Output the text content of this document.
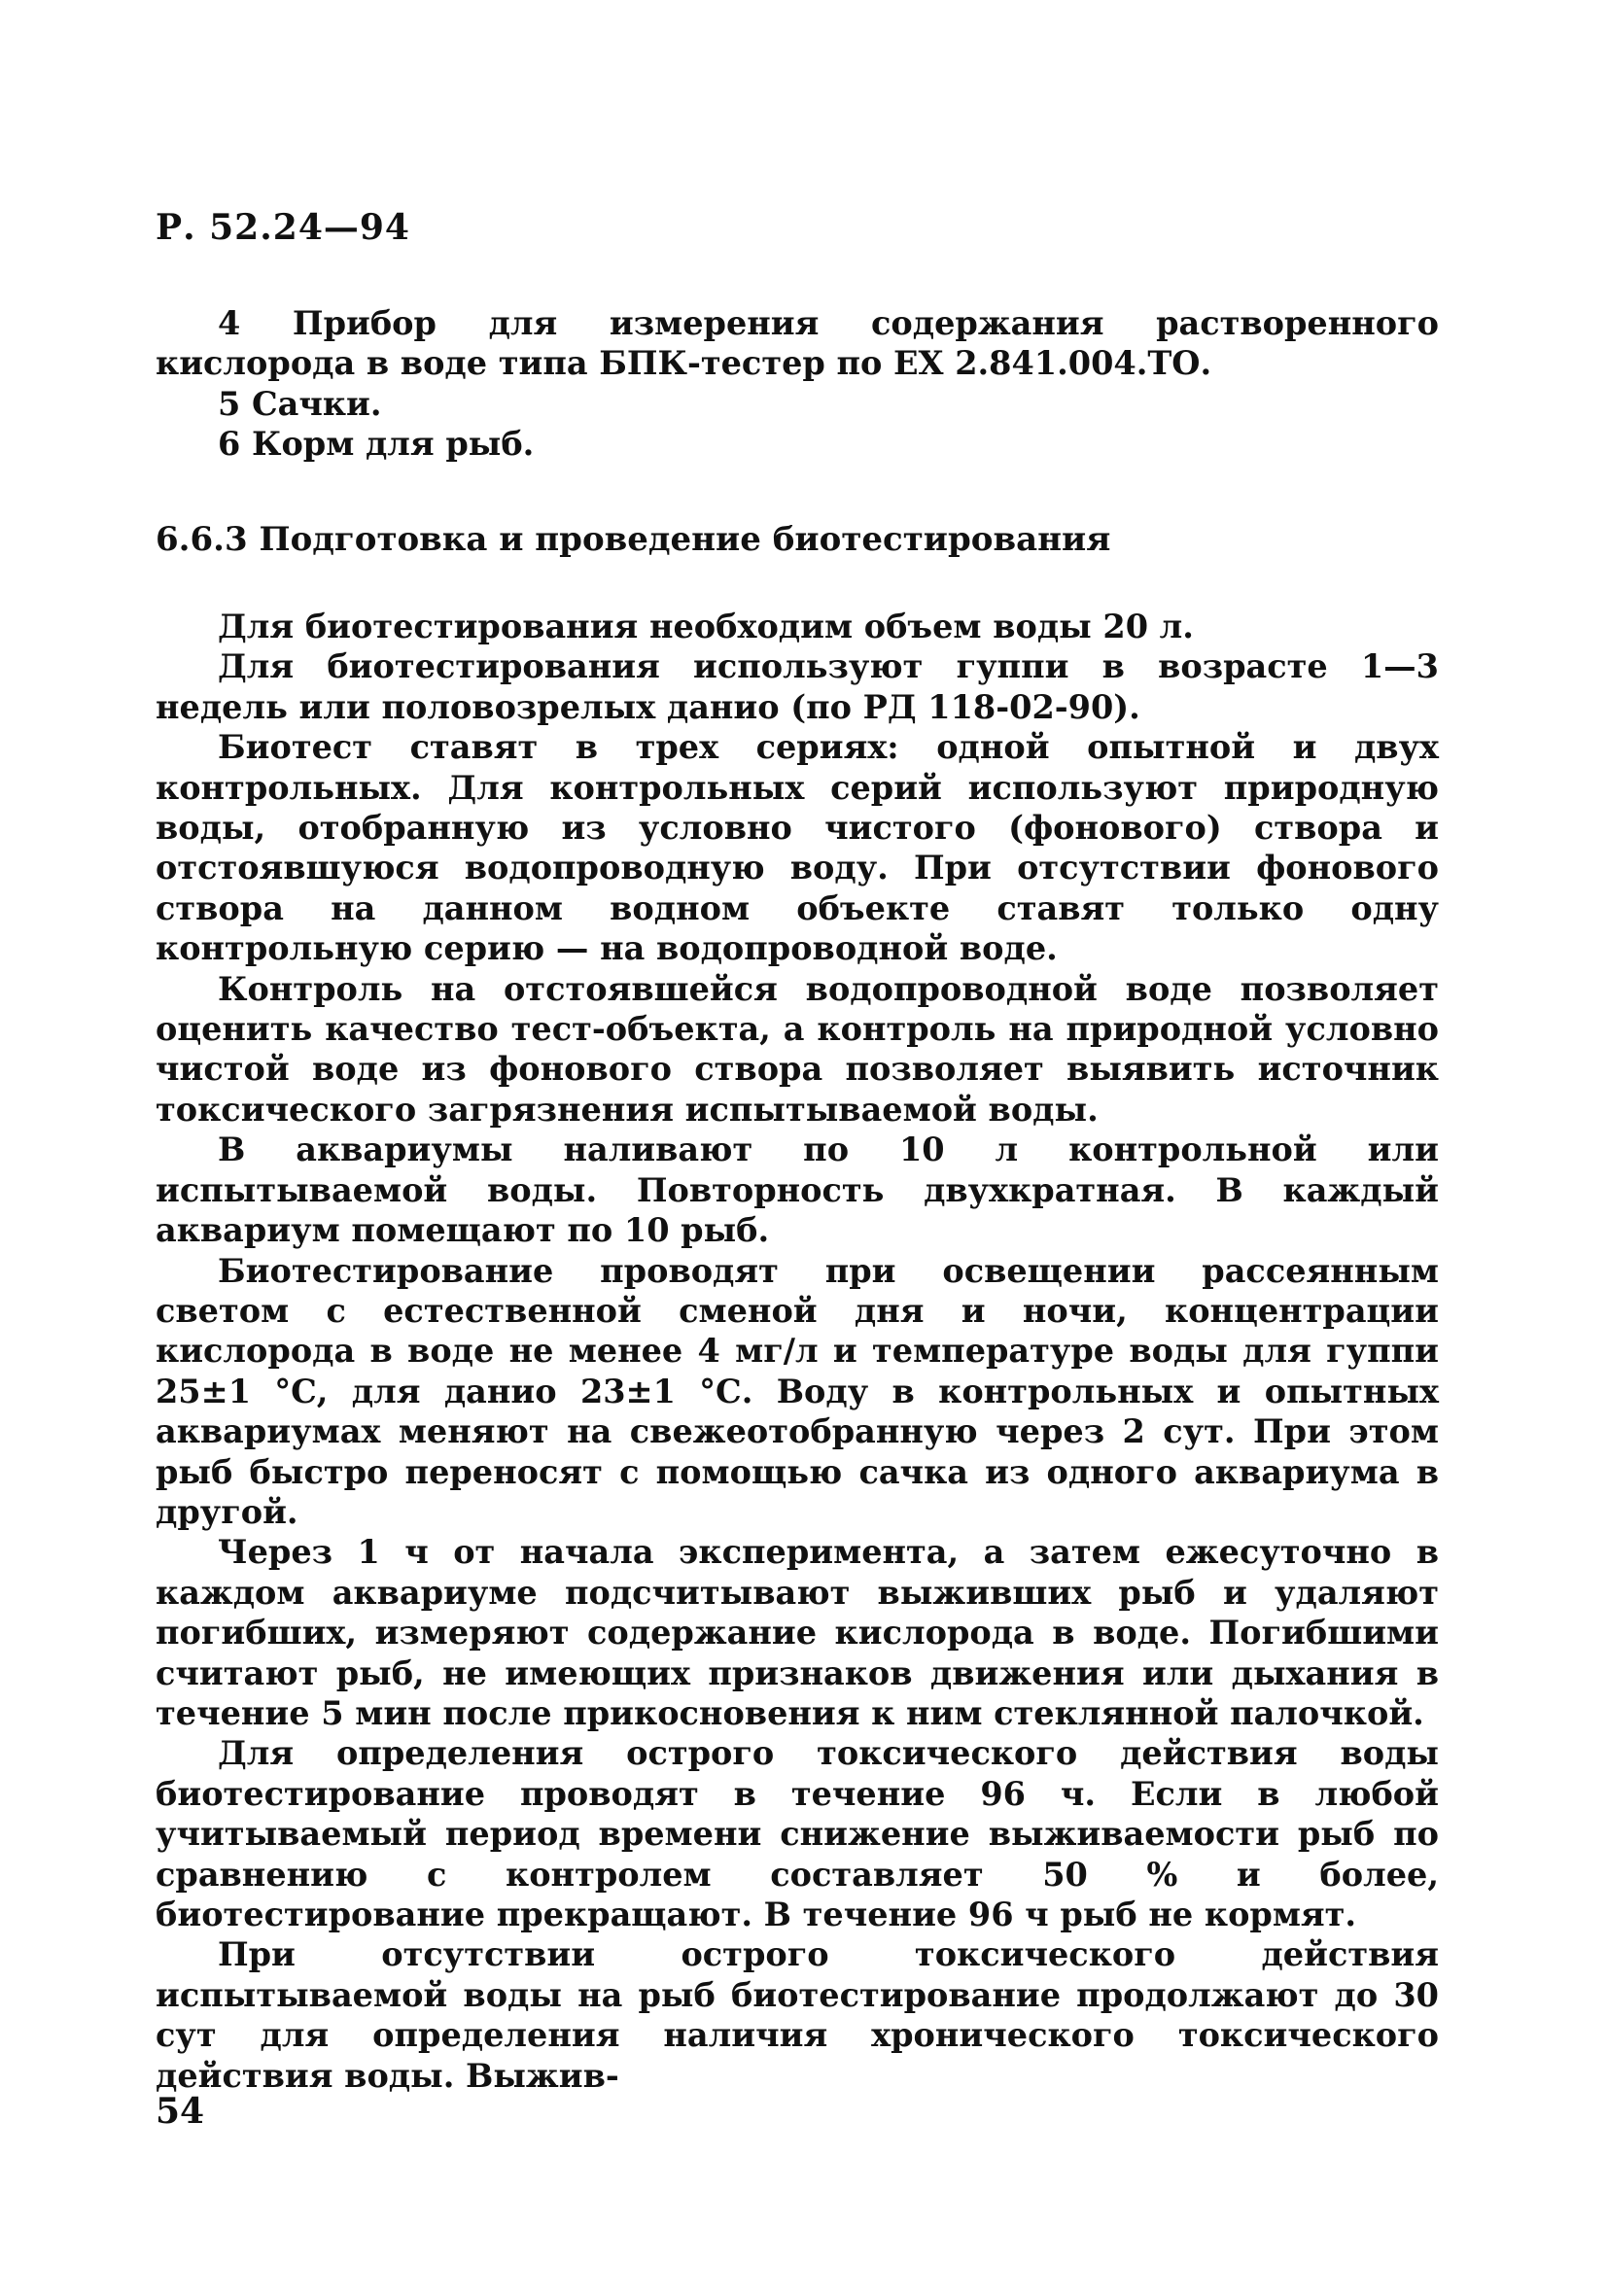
Р. 52.24—94

4 Прибор для измерения содержания растворенного кислорода в воде типа БПК-тестер по ЕХ 2.841.004.ТО.

5 Сачки.

6 Корм для рыб.

6.6.3 Подготовка и проведение биотестирования

Для биотестирования необходим объем воды 20 л.

Для биотестирования используют гуппи в возрасте 1—3 недель или половозрелых данио (по РД 118-02-90).

Биотест ставят в трех сериях: одной опытной и двух контрольных. Для контрольных серий используют природную воды, отобранную из условно чистого (фонового) створа и отстоявшуюся водопроводную воду. При отсутствии фонового створа на данном водном объекте ставят только одну контрольную серию — на водопроводной воде.

Контроль на отстоявшейся водопроводной воде позволяет оценить качество тест-объекта, а контроль на природной условно чистой воде из фонового створа позволяет выявить источник токсического загрязнения испытываемой воды.

В аквариумы наливают по 10 л контрольной или испытываемой воды. Повторность двухкратная. В каждый аквариум помещают по 10 рыб.

Биотестирование проводят при освещении рассеянным светом с естественной сменой дня и ночи, концентрации кислорода в воде не менее 4 мг/л и температуре воды для гуппи 25±1 °С, для данио 23±1 °С. Воду в контрольных и опытных аквариумах меняют на свежеотобранную через 2 сут. При этом рыб быстро переносят с помощью сачка из одного аквариума в другой.

Через 1 ч от начала эксперимента, а затем ежесуточно в каждом аквариуме подсчитывают выживших рыб и удаляют погибших, измеряют содержание кислорода в воде. Погибшими считают рыб, не имеющих признаков движения или дыхания в течение 5 мин после прикосновения к ним стеклянной палочкой.

Для определения острого токсического действия воды биотестирование проводят в течение 96 ч. Если в любой учитываемый период времени снижение выживаемости рыб по сравнению с контролем составляет 50 % и более, биотестирование прекращают. В течение 96 ч рыб не кормят.

При отсутствии острого токсического действия испытываемой воды на рыб биотестирование продолжают до 30 сут для определения наличия хронического токсического действия воды. Выжив-

54
